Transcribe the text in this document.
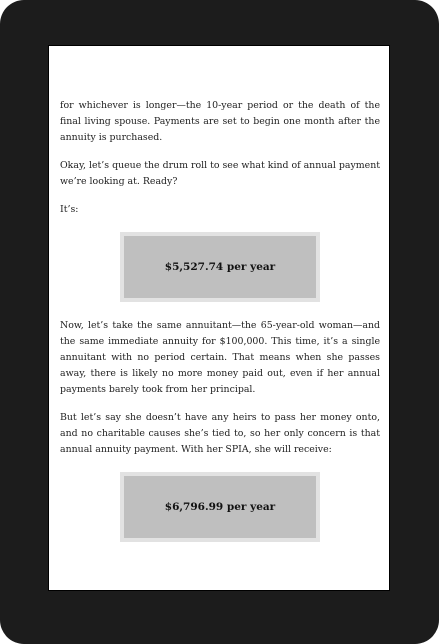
for whichever is longer—the 10-year period or the death of the final living spouse. Payments are set to begin one month after the annuity is purchased.

Okay, let’s queue the drum roll to see what kind of annual payment we’re looking at. Ready?

It’s:

$5,527.74 per year

Now, let’s take the same annuitant—the 65-year-old woman—and the same immediate annuity for $100,000. This time, it’s a single annuitant with no period certain. That means when she passes away, there is likely no more money paid out, even if her annual payments barely took from her principal.

But let’s say she doesn’t have any heirs to pass her money onto, and no charitable causes she’s tied to, so her only concern is that annual annuity payment. With her SPIA, she will receive:

$6,796.99 per year
